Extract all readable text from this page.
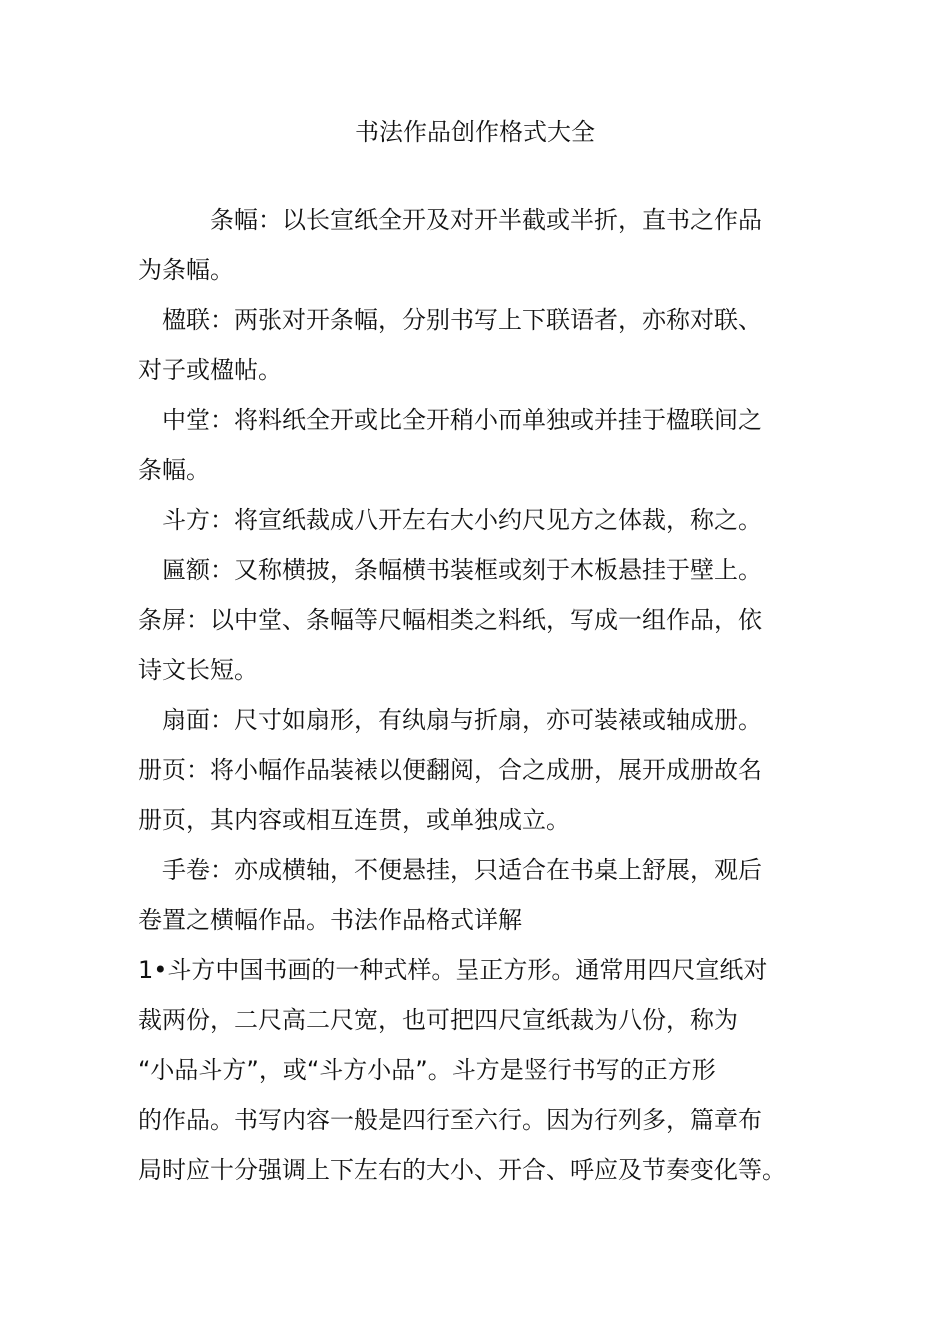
书法作品创作格式大全
　　　条幅：以长宣纸全开及对开半截或半折，直书之作品
为条幅。
　楹联：两张对开条幅，分别书写上下联语者，亦称对联、
对子或楹帖。
　中堂：将料纸全开或比全开稍小而单独或并挂于楹联间之
条幅。
　斗方：将宣纸裁成八开左右大小约尺见方之体裁，称之。
　匾额：又称横披，条幅横书装框或刻于木板悬挂于壁上。
条屏：以中堂、条幅等尺幅相类之料纸，写成一组作品，依
诗文长短。
　扇面：尺寸如扇形，有纨扇与折扇，亦可装裱或轴成册。
册页：将小幅作品装裱以便翻阅，合之成册，展开成册故名
册页，其内容或相互连贯，或单独成立。
　手卷：亦成横轴，不便悬挂，只适合在书桌上舒展，观后
卷置之横幅作品。书法作品格式详解
1•斗方中国书画的一种式样。呈正方形。通常用四尺宣纸对
裁两份，二尺高二尺宽，也可把四尺宣纸裁为八份，称为
“小品斗方”，或“斗方小品”。斗方是竖行书写的正方形
的作品。书写内容一般是四行至六行。因为行列多，篇章布
局时应十分强调上下左右的大小、开合、呼应及节奏变化等。
